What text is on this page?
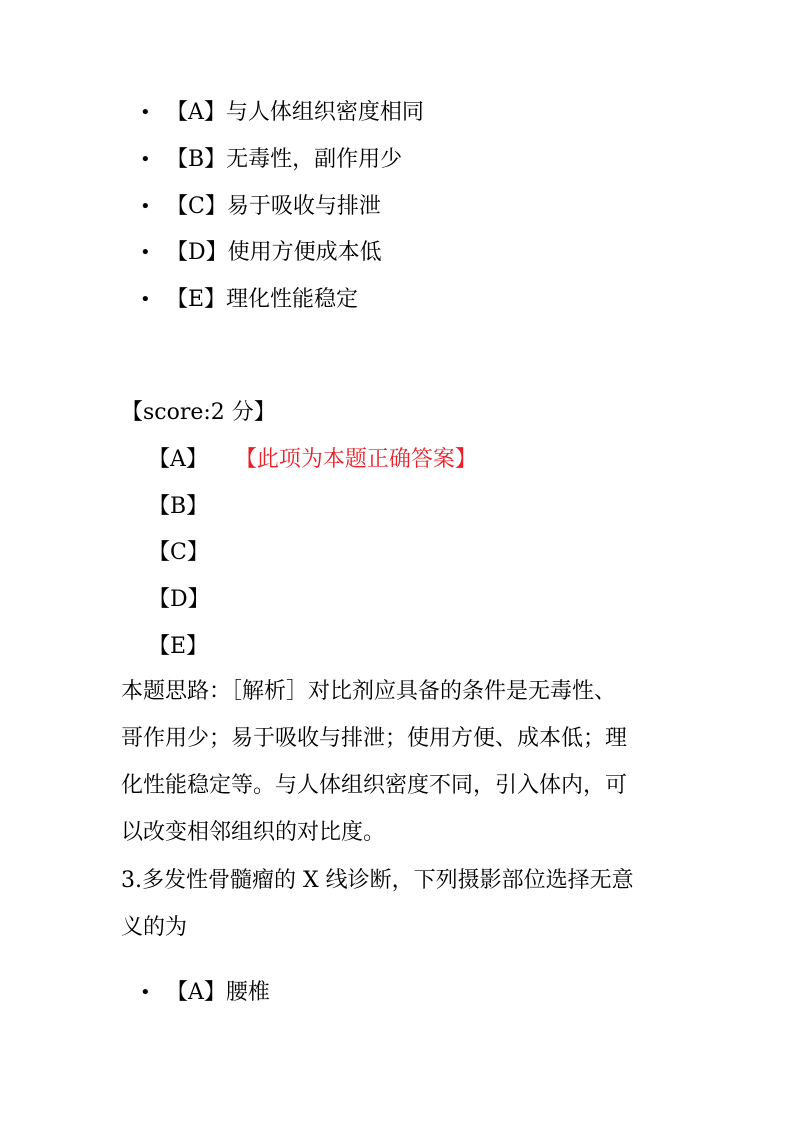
• 【A】与人体组织密度相同
• 【B】无毒性，副作用少
• 【C】易于吸收与排泄
• 【D】使用方便成本低
• 【E】理化性能稳定
【score:2 分】
【A】 【此项为本题正确答案】
【B】
【C】
【D】
【E】

本题思路：［解析］对比剂应具备的条件是无毒性、

哥作用少；易于吸收与排泄；使用方便、成本低；理

化性能稳定等。与人体组织密度不同，引入体内，可

以改变相邻组织的对比度。

3.多发性骨髓瘤的 X 线诊断，下列摄影部位选择无意

义的为

• 【A】腰椎
